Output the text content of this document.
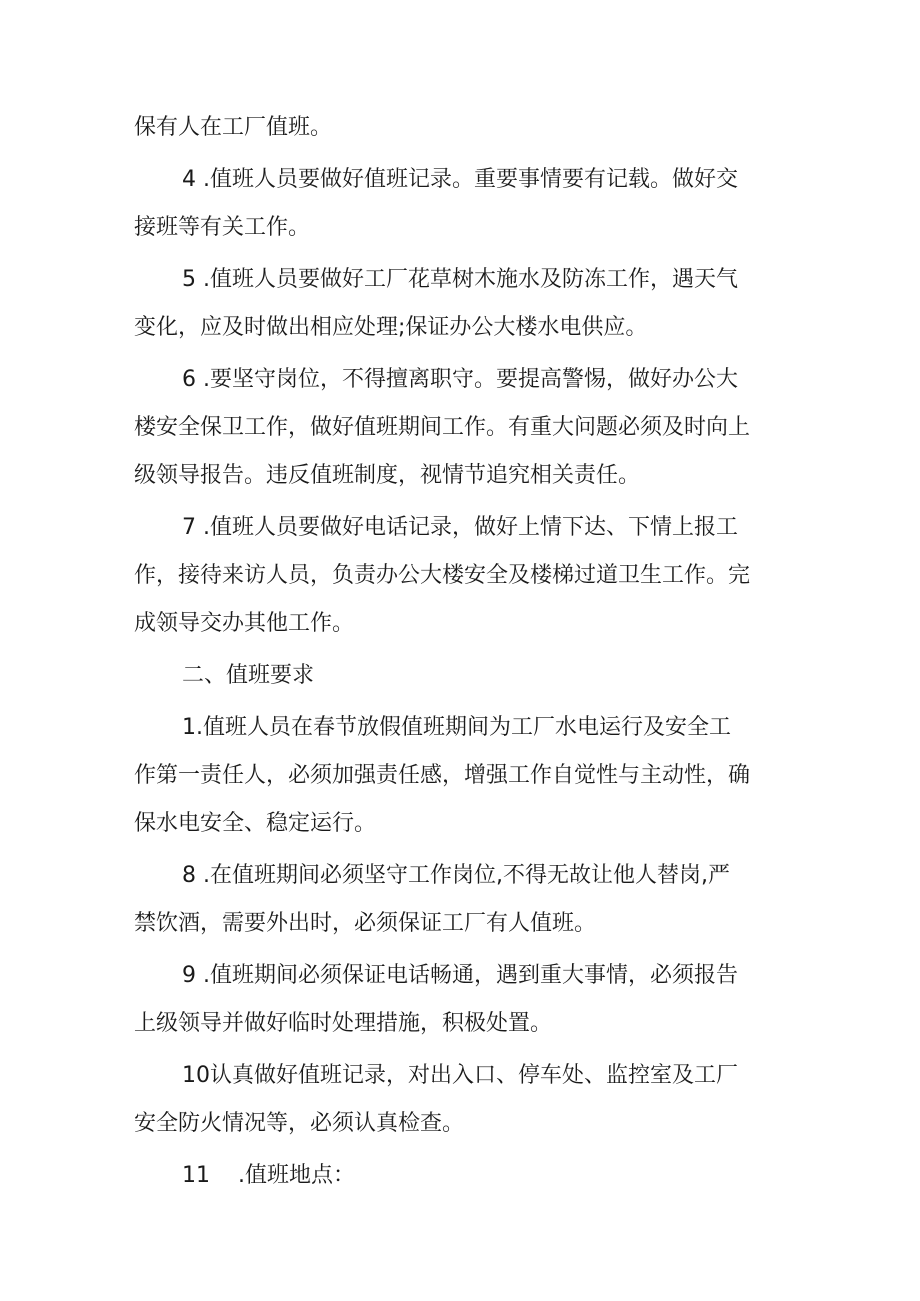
保有人在工厂值班。
4 .值班人员要做好值班记录。重要事情要有记载。做好交
接班等有关工作。
5 .值班人员要做好工厂花草树木施水及防冻工作，遇天气
变化，应及时做出相应处理;保证办公大楼水电供应。
6 .要坚守岗位，不得擅离职守。要提高警惕，做好办公大
楼安全保卫工作，做好值班期间工作。有重大问题必须及时向上
级领导报告。违反值班制度，视情节追究相关责任。
7 .值班人员要做好电话记录，做好上情下达、下情上报工
作，接待来访人员，负责办公大楼安全及楼梯过道卫生工作。完
成领导交办其他工作。
二、值班要求
1.值班人员在春节放假值班期间为工厂水电运行及安全工
作第一责任人，必须加强责任感，增强工作自觉性与主动性，确
保水电安全、稳定运行。
8 .在值班期间必须坚守工作岗位,不得无故让他人替岗,严
禁饮酒，需要外出时，必须保证工厂有人值班。
9 .值班期间必须保证电话畅通，遇到重大事情，必须报告
上级领导并做好临时处理措施，积极处置。
10认真做好值班记录，对出入口、停车处、监控室及工厂
安全防火情况等，必须认真检查。
11    .值班地点：
